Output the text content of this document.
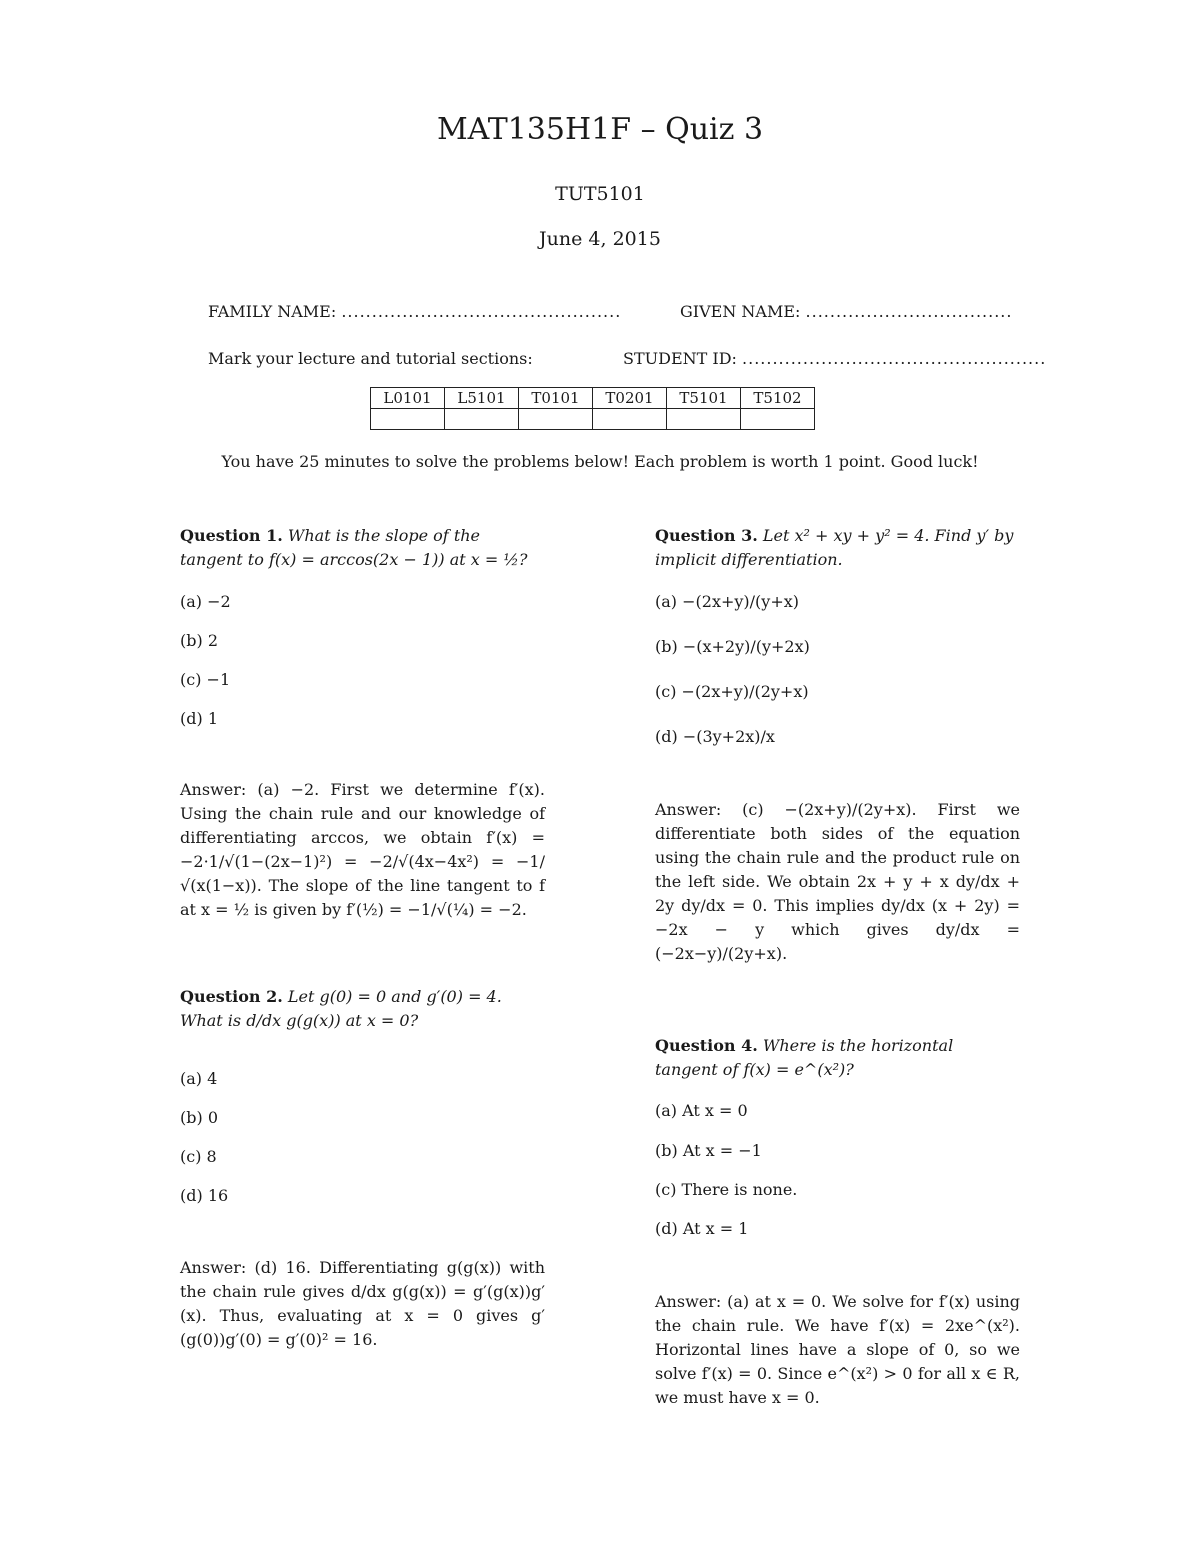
MAT135H1F – Quiz 3
TUT5101
June 4, 2015
FAMILY NAME: ..............................................	GIVEN NAME: ..................................
Mark your lecture and tutorial sections:	STUDENT ID: ..................................................
L0101	L5101	T0101	T0201	T5101	T5102

You have 25 minutes to solve the problems below! Each problem is worth 1 point. Good luck!

Question 1. What is the slope of the tangent to f(x) = arccos(2x − 1)) at x = ½?

(a) −2
(b) 2
(c) −1
(d) 1
Answer: (a) −2. First we determine f′(x). Using the chain rule and our knowledge of differentiating arccos, we obtain f′(x) = −2·1/√(1−(2x−1)²) = −2/√(4x−4x²) = −1/√(x(1−x)). The slope of the line tangent to f at x = ½ is given by f′(½) = −1/√(¼) = −2.

Question 2. Let g(0) = 0 and g′(0) = 4. What is d/dx g(g(x)) at x = 0?

(a) 4
(b) 0
(c) 8
(d) 16
Answer: (d) 16. Differentiating g(g(x)) with the chain rule gives d/dx g(g(x)) = g′(g(x))g′(x). Thus, evaluating at x = 0 gives g′(g(0))g′(0) = g′(0)² = 16.

Question 3. Let x² + xy + y² = 4. Find y′ by implicit differentiation.

(a) −(2x+y)/(y+x)
(b) −(x+2y)/(y+2x)
(c) −(2x+y)/(2y+x)
(d) −(3y+2x)/x
Answer: (c) −(2x+y)/(2y+x). First we differentiate both sides of the equation using the chain rule and the product rule on the left side. We obtain 2x + y + x dy/dx + 2y dy/dx = 0. This implies dy/dx (x + 2y) = −2x − y which gives dy/dx = (−2x−y)/(2y+x).

Question 4. Where is the horizontal tangent of f(x) = e^(x²)?

(a) At x = 0
(b) At x = −1
(c) There is none.
(d) At x = 1
Answer: (a) at x = 0. We solve for f′(x) using the chain rule. We have f′(x) = 2xe^(x²). Horizontal lines have a slope of 0, so we solve f′(x) = 0. Since e^(x²) > 0 for all x ∈ R, we must have x = 0.
